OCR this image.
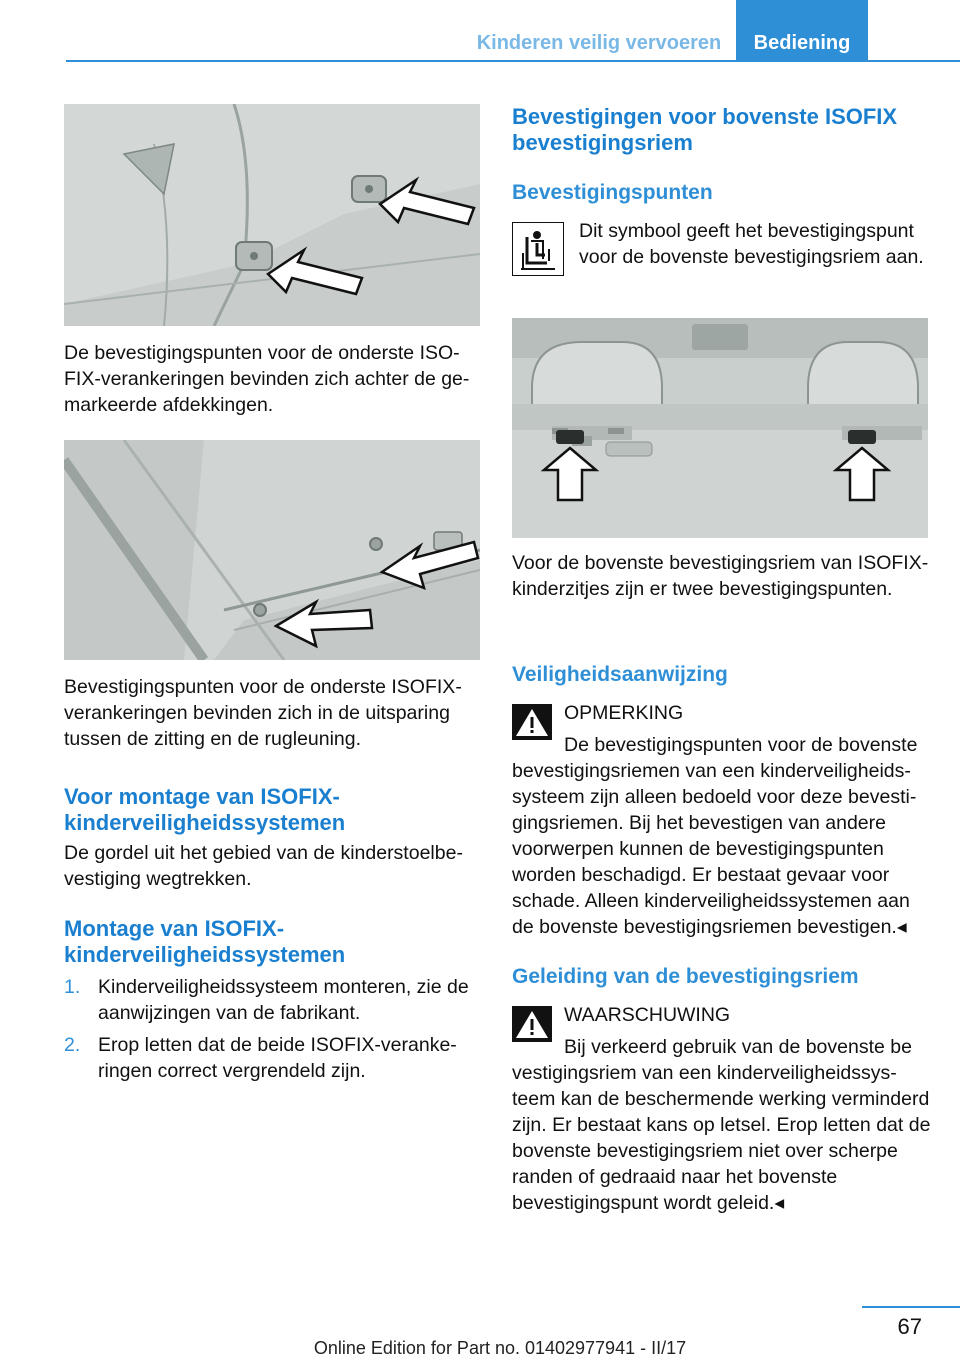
Kinderen veilig vervoeren	Bediening
De bevestigingspunten voor de onderste ISOFIX-verankeringen bevinden zich achter de gemarkeerde afdekkingen.
Bevestigingspunten voor de onderste ISOFIX-verankeringen bevinden zich in de uitsparing tussen de zitting en de rugleuning.
Voor montage van ISOFIX-kinderveiligheidssystemen
De gordel uit het gebied van de kinderstoelbevestiging wegtrekken.
Montage van ISOFIX-kinderveiligheidssystemen
1. Kinderveiligheidssysteem monteren, zie de aanwijzingen van de fabrikant.
2. Erop letten dat de beide ISOFIX-verankeringen correct vergrendeld zijn.
Bevestigingen voor bovenste ISOFIX bevestigingsriem
Bevestigingspunten
Dit symbool geeft het bevestigingspunt voor de bovenste bevestigingsriem aan.
Voor de bovenste bevestigingsriem van ISOFIX-kinderzitjes zijn er twee bevestigingspunten.
Veiligheidsaanwijzing
OPMERKING
De bevestigingspunten voor de bovenste
bevestigingsriemen van een kinderveiligheidssysteem zijn alleen bedoeld voor deze bevestigingsriemen. Bij het bevestigen van andere voorwerpen kunnen de bevestigingspunten worden beschadigd. Er bestaat gevaar voor schade. Alleen kinderveiligheidssystemen aan de bovenste bevestigingsriemen bevestigen.◂
Geleiding van de bevestigingsriem
WAARSCHUWING
Bij verkeerd gebruik van de bovenste be
vestigingsriem van een kinderveiligheidssysteem kan de beschermende werking verminderd zijn. Er bestaat kans op letsel. Erop letten dat de bovenste bevestigingsriem niet over scherpe randen of gedraaid naar het bovenste bevestigingspunt wordt geleid.◂
67
Online Edition for Part no. 01402977941 - II/17
